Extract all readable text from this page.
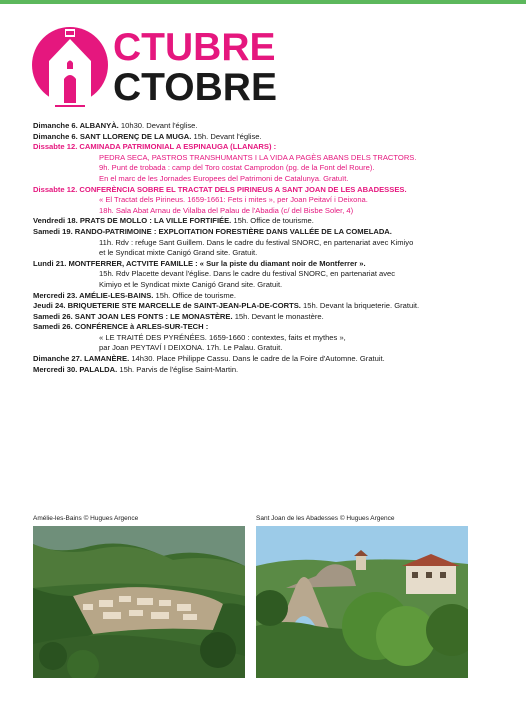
CTUBRE
CTOBRE
Dimanche 6. ALBANYÀ. 10h30. Devant l'église.
Dimanche 6. SANT LLORENÇ DE LA MUGA. 15h. Devant l'église.
Dissabte 12. CAMINADA PATRIMONIAL A ESPINAUGA (LLANARS) :
PEDRA SECA, PASTROS TRANSHUMANTS I LA VIDA A PAGÈS ABANS DELS TRACTORS.
9h. Punt de trobada : camp del Toro costat Camprodon (pg. de la Font del Roure).
En el marc de les Jornades Europees del Patrimoni de Catalunya. Gratuït.
Dissabte 12. CONFERÈNCIA SOBRE EL TRACTAT DELS PIRINEUS A SANT JOAN DE LES ABADESSES.
« El Tractat dels Pirineus. 1659-1661: Fets i mites », per Joan Peitaví i Deixona.
18h. Sala Abat Arnau de Vilalba del Palau de l'Abadia (c/ del Bisbe Soler, 4)
Vendredi 18. PRATS DE MOLLO : LA VILLE FORTIFIÉE. 15h. Office de tourisme.
Samedi 19. RANDO-PATRIMOINE : EXPLOITATION FORESTIÈRE DANS VALLÉE DE LA COMELADA.
11h. Rdv : refuge Sant Guillem. Dans le cadre du festival SNORC, en partenariat avec Kimiyo
et le Syndicat mixte Canigó Grand site. Gratuit.
Lundi 21. MONTFERRER, ACTVITE FAMILLE : « Sur la piste du diamant noir de Montferrer ».
15h. Rdv Placette devant l'église. Dans le cadre du festival SNORC, en partenariat avec
Kimiyo et le Syndicat mixte Canigó Grand site. Gratuit.
Mercredi 23. AMÉLIE-LES-BAINS. 15h. Office de tourisme.
Jeudi 24. BRIQUETERIE STE MARCELLE de SAINT-JEAN-PLA-DE-CORTS. 15h. Devant la briqueterie. Gratuit.
Samedi 26. SANT JOAN LES FONTS : LE MONASTÈRE. 15h. Devant le monastère.
Samedi 26. CONFÉRENCE à ARLES-SUR-TECH :
« LE TRAITÉ DES PYRÉNÉES. 1659-1660 : contextes, faits et mythes »,
par Joan PEYTAVÍ I DEIXONA. 17h. Le Palau. Gratuit.
Dimanche 27. LAMANÈRE. 14h30. Place Philippe Cassu. Dans le cadre de la Foire d'Automne. Gratuit.
Mercredi 30. PALALDA. 15h. Parvis de l'église Saint-Martin.
Amélie-les-Bains © Hugues Argence	Sant Joan de les Abadesses © Hugues Argence
